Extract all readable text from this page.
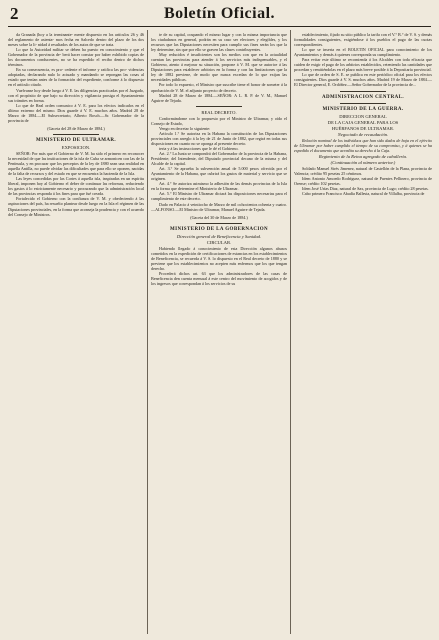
2	Boletín Oficial.

da Granada (hoy a la terminante- mente dispuesto en los artículos 26 y 46 del reglamento de asienta- mos fecha en Salcedo dentro del plazo de los dos meses sobre la li- nidad á resultados de los autos de que se trata.

Lo que la Autoridad militar se deben ha puesto en conocimiento y que el Gobernador de la provincia de- berá hacer constar por haber exhibido copias de los documentos conducentes, no se ha expedido el recibo dentro de dichos términos.

En su consecuencia, es pro- cedente el informe y ratifica las pro- videncias adoptadas, declarando nulo lo actuado y mandando se repongan las cosas al estado que tenían antes de la formación del expediente, conforme á lo dispuesto en el artículo citado.

Vuelvanse hoy desde luego á V. E. las diligencias practicadas por el Juzgado, con el propósito de que bajo su dirección y vigilancia prosiga el Ayuntamiento sus trámites en forma.

Lo que de Real orden comunico á V. E. para los efectos indicados en el último extremo del mismo. Dios guarde á V. E. muchos años. Madrid 28 de Marzo de 1884.—El Subsecretario, Alberto Bosch.—Sr. Gobernador de la provincia de

(Gaceta del 28 de Marzo de 1884.)

MINISTERIO DE ULTRAMAR.

EXPOSICION.

SEÑOR: Por más que el Gobierno de V. M. ha sido el primero en reconocer la necesidad de que las instituciones de la isla de Cuba se armonicen con las de la Península, y en procurar que los preceptos de la ley de 1880 sean una realidad en aquella Antilla, no puede olvidar las dificultades que para ello se oponen, nacidas de la falta de recursos y del estado en que se encuentra la hacienda de la Isla.

Las leyes concedidas por las Cortes á aquella isla, inspiradas en un espíritu liberal, imponen hoy al Gobierno el deber de continuar las reformas, reduciendo los gastos á lo estrictamente necesario y procurando que la administración local de las provincias responda á los fines para que fué creada.

Fortalecido el Gobierno con la confianza de V. M. y obedeciendo á las aspiraciones del país, ha resuelto plantear desde luego en la Isla el régimen de las Diputaciones provinciales, en la forma que aconseja la prudencia y con el acuerdo del Consejo de Ministros.

te de su capital, ocupando el mismo lugar y con la misma importancia que los ciudadanos en general, podrán en su caso ser electores y elegibles, y los recursos que las Diputaciones necesiten para cumplir sus fines serán los que la ley determine, sin que por ello se graven las clases contribuyentes.

Muy reducidos é insuficientes son los medios con que en la actualidad cuentan las provincias para atender á los servicios más indispensables, y el Gobierno, atento á mejorar su situación, propone á V. M. que se autorice á las Diputaciones para establecer arbitrios en la forma y con las limitaciones que la ley de 1882 previene, de modo que nunca excedan de lo que exijan las necesidades públicas.

Por todo lo expuesto, el Ministro que suscribe tiene el honor de someter á la aprobación de V. M. el adjunto proyecto de decreto.

Madrid 28 de Marzo de 1884.—SEÑOR: A L. R. P. de V. M., Manuel Aguirre de Tejada.

REAL DECRETO.

Conformándome con lo propuesto por el Ministro de Ultramar, y oído el Consejo de Estado,

Vengo en decretar lo siguiente:

Artículo 1.° Se autoriza en la Habana la constitución de las Diputaciones provinciales con arreglo á la ley de 21 de Junio de 1882, que regirá en todas sus disposiciones en cuanto no se oponga al presente decreto.

teria y á las instrucciones que le dé el Gobierno.

Art. 2.° La Junta se compondrá del Gobernador de la provincia de la Habana, Presidente; del Intendente, del Diputado provincial decano de la misma y del Alcalde de la capital.

Art. 3.° Se aprueba la subvención anual de 5.000 pesos ofrecida por el Ayuntamiento de la Habana, que cubrirá los gastos de material y servicio que se originen.

Art. 4.° Se autoriza asimismo la adhesión de las demás provincias de la Isla en la forma que determine el Ministerio de Ultramar.

Art. 5.° El Ministro de Ultramar dictará las disposiciones necesarias para el cumplimiento de este decreto.

Dado en Palacio á veintiocho de Marzo de mil ochocientos ochenta y cuatro.—ALFONSO.—El Ministro de Ultramar, Manuel Aguirre de Tejada.

(Gaceta del 30 de Marzo de 1884.)

MINISTERIO DE LA GOBERNACION

Dirección general de Beneficencia y Sanidad.

CIRCULAR.

Habiendo llegado á conocimiento de esta Dirección algunos abusos cometidos en la expedición de certificaciones de estancias en los establecimientos de Beneficencia, se recuerda á V. S. lo dispuesto en el Real decreto de 1880 y se previene que los establecimientos no acepten más enfermos que los que tengan derecho.

Procederá dichos art. 63 que los administradores de las casas de Beneficencia den cuenta mensual á este centro del movimiento de acogidos y de los ingresos que correspondan á los servicios de su

establecimiento, fijado su sitio público la tarifa con el V.° B.° de V. S. y demás formalidades consiguientes, exigiéndose á los pueblos el pago de las cuotas correspondientes.

Lo que se inserta en el BOLETIN OFICIAL para conocimiento de los Ayuntamientos y demás á quienes corresponda su cumplimiento.

Para evitar este último se recomienda á los Alcaldes con toda eficacia que cuiden de exigir el pago de los arbitrios establecidos, reteniendo las cantidades que procedan y remitiéndolas en el plazo más breve posible á la Depositaría provincial.

Lo que de orden de S. E. se publica en este periódico oficial para los efectos consiguientes. Dios guarde á V. S. muchos años. Madrid 19 de Marzo de 1884.—El Director general, E. Ordóñez.—Señor Gobernador de la provincia de...

ADMINISTRACION CENTRAL.

MINISTERIO DE LA GUERRA.

DIRECCION GENERAL

DE LA CAJA GENERAL PARA LOS

HUÉRFANOS DE ULTRAMAR.

Negociado de recaudación.

Relación nominal de los individuos que han sido dados de baja en el ejército de Ultramar por haber cumplido el tiempo de su compromiso, y á quienes se ha expedido el documento que acredita su derecho á la Caja.

Regimiento de la Reina agregado de caballería.

(Continuación al número anterior.)

Soldado Manuel Sirés Jimenez, natural de Castellón de la Plana, provincia de Valencia; crédito 95 pesetas 25 céntimos.

Idem Antonio Amoedo Rodríguez, natural de Puentes Pellinero, provincia de Orense; crédito 102 pesetas.

Idem José Urías Diaz, natural de Sax, provincia de Lugo; crédito 28 pesetas.

Cabo primero Francisco Abadía Ballesta, natural de Villalba, provincia de
